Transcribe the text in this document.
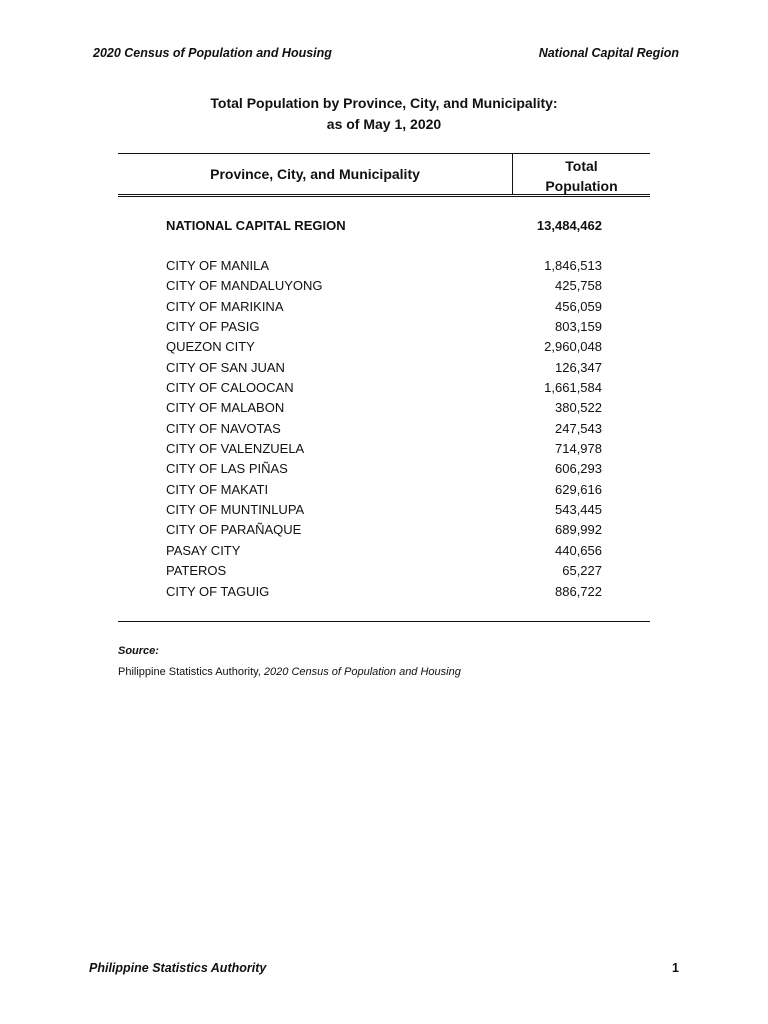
2020 Census of Population and Housing	National Capital Region
Total Population by Province, City, and Municipality:
as of May 1, 2020
Province, City, and Municipality	Total
Population
NATIONAL CAPITAL REGION	13,484,462
CITY OF MANILA	1,846,513
CITY OF MANDALUYONG	425,758
CITY OF MARIKINA	456,059
CITY OF PASIG	803,159
QUEZON CITY	2,960,048
CITY OF SAN JUAN	126,347
CITY OF CALOOCAN	1,661,584
CITY OF MALABON	380,522
CITY OF NAVOTAS	247,543
CITY OF VALENZUELA	714,978
CITY OF LAS PIÑAS	606,293
CITY OF MAKATI	629,616
CITY OF MUNTINLUPA	543,445
CITY OF PARAÑAQUE	689,992
PASAY CITY	440,656
PATEROS	65,227
CITY OF TAGUIG	886,722
Source:
Philippine Statistics Authority, 2020 Census of Population and Housing
Philippine Statistics Authority	1
